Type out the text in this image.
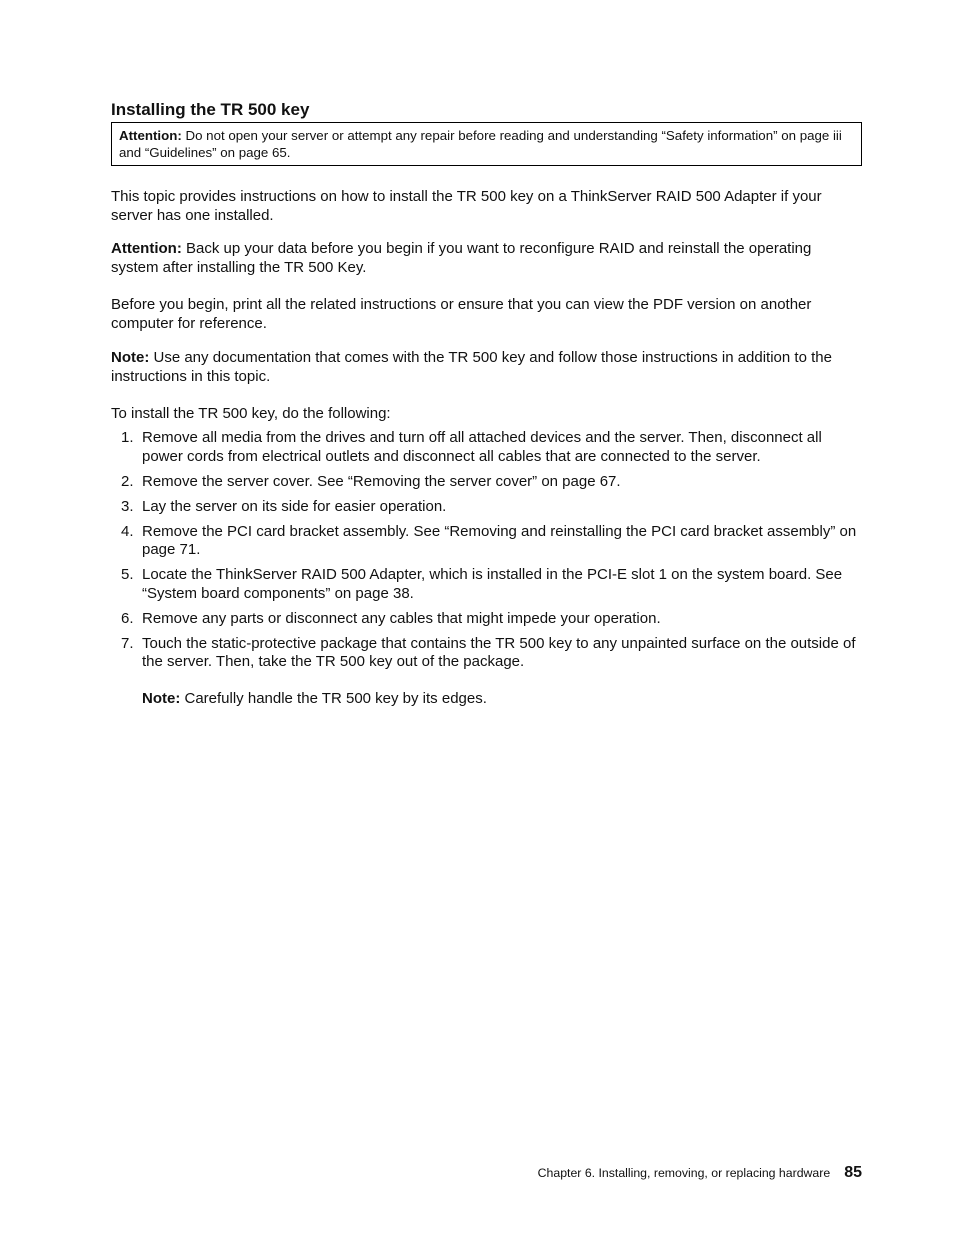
Installing the TR 500 key
Attention: Do not open your server or attempt any repair before reading and understanding “Safety information” on page iii and “Guidelines” on page 65.

This topic provides instructions on how to install the TR 500 key on a ThinkServer RAID 500 Adapter if your server has one installed.

Attention: Back up your data before you begin if you want to reconfigure RAID and reinstall the operating system after installing the TR 500 Key.

Before you begin, print all the related instructions or ensure that you can view the PDF version on another computer for reference.

Note: Use any documentation that comes with the TR 500 key and follow those instructions in addition to the instructions in this topic.

To install the TR 500 key, do the following:

1. Remove all media from the drives and turn off all attached devices and the server. Then, disconnect all power cords from electrical outlets and disconnect all cables that are connected to the server.
2. Remove the server cover. See “Removing the server cover” on page 67.
3. Lay the server on its side for easier operation.
4. Remove the PCI card bracket assembly. See “Removing and reinstalling the PCI card bracket assembly” on page 71.
5. Locate the ThinkServer RAID 500 Adapter, which is installed in the PCI-E slot 1 on the system board. See “System board components” on page 38.
6. Remove any parts or disconnect any cables that might impede your operation.
7. Touch the static-protective package that contains the TR 500 key to any unpainted surface on the outside of the server. Then, take the TR 500 key out of the package.
Note: Carefully handle the TR 500 key by its edges.
Chapter 6. Installing, removing, or replacing hardware 85
